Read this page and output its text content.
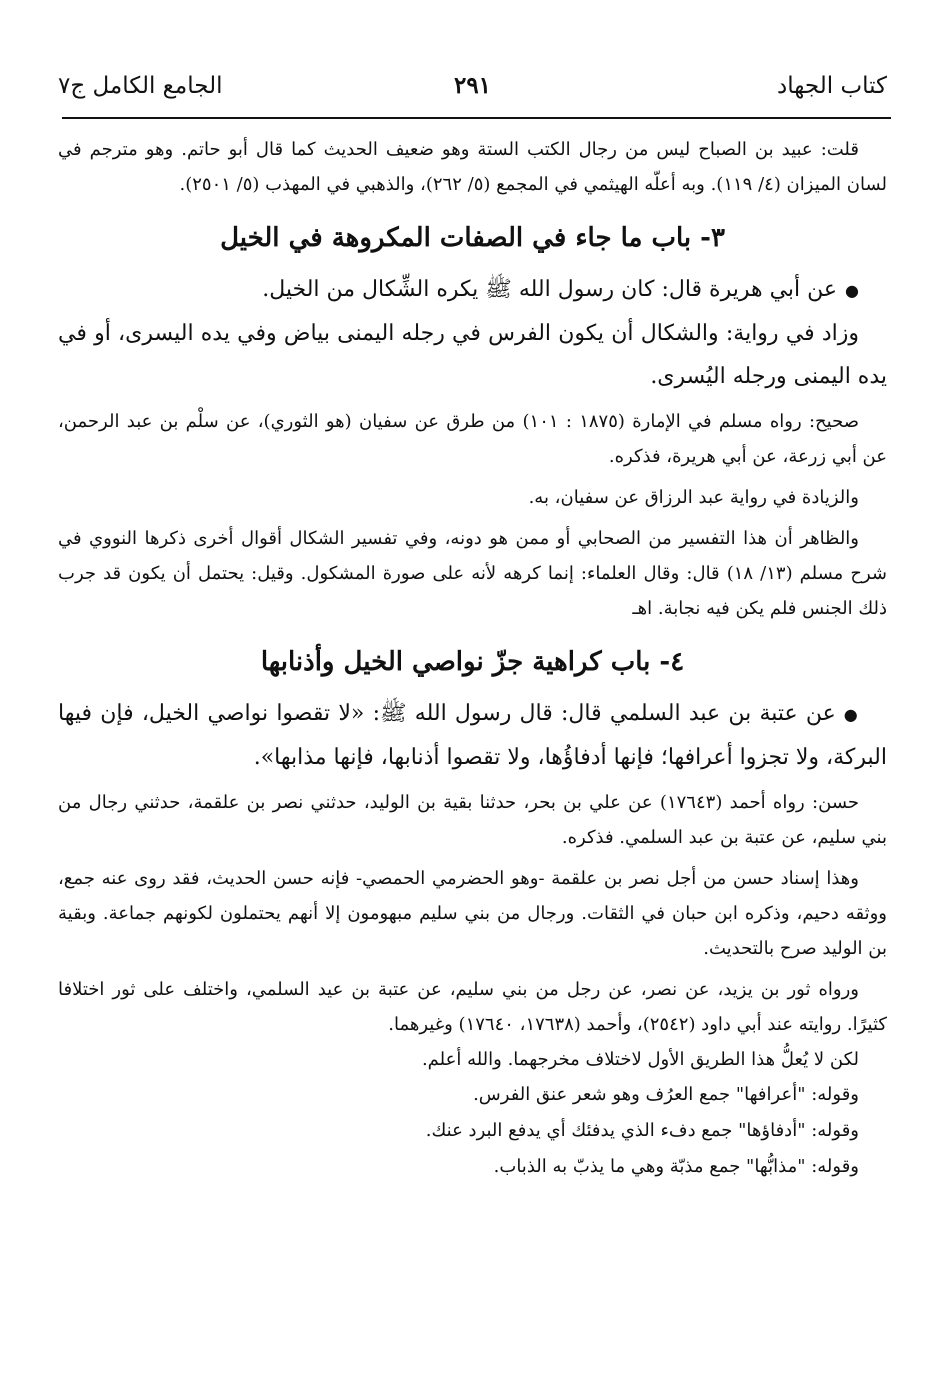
كتاب الجهاد
٢٩١
الجامع الكامل ج٧

قلت: عبيد بن الصباح ليس من رجال الكتب الستة وهو ضعيف الحديث كما قال أبو حاتم. وهو مترجم في لسان الميزان (٤/ ١١٩). وبه أعلّه الهيثمي في المجمع (٥/ ٢٦٢)، والذهبي في المهذب (٥/ ٢٥٠١).

٣- باب ما جاء في الصفات المكروهة في الخيل

● عن أبي هريرة قال: كان رسول الله ﷺ يكره الشِّكال من الخيل.

وزاد في رواية: والشكال أن يكون الفرس في رجله اليمنى بياض وفي يده اليسرى، أو في يده اليمنى ورجله اليُسرى.

صحيح: رواه مسلم في الإمارة (١٨٧٥ : ١٠١) من طرق عن سفيان (هو الثوري)، عن سلْم بن عبد الرحمن، عن أبي زرعة، عن أبي هريرة، فذكره.

والزيادة في رواية عبد الرزاق عن سفيان، به.

والظاهر أن هذا التفسير من الصحابي أو ممن هو دونه، وفي تفسير الشكال أقوال أخرى ذكرها النووي في شرح مسلم (١٣/ ١٨) قال: وقال العلماء: إنما كرهه لأنه على صورة المشكول. وقيل: يحتمل أن يكون قد جرب ذلك الجنس فلم يكن فيه نجابة. اهـ

٤- باب كراهية جزّ نواصي الخيل وأذنابها

● عن عتبة بن عبد السلمي قال: قال رسول الله ﷺ: «لا تقصوا نواصي الخيل، فإن فيها البركة، ولا تجزوا أعرافها؛ فإنها أدفاؤُها، ولا تقصوا أذنابها، فإنها مذابها».

حسن: رواه أحمد (١٧٦٤٣) عن علي بن بحر، حدثنا بقية بن الوليد، حدثني نصر بن علقمة، حدثني رجال من بني سليم، عن عتبة بن عبد السلمي. فذكره.

وهذا إسناد حسن من أجل نصر بن علقمة -وهو الحضرمي الحمصي- فإنه حسن الحديث، فقد روى عنه جمع، ووثقه دحيم، وذكره ابن حبان في الثقات. ورجال من بني سليم مبهومون إلا أنهم يحتملون لكونهم جماعة. وبقية بن الوليد صرح بالتحديث.

ورواه ثور بن يزيد، عن نصر، عن رجل من بني سليم، عن عتبة بن عيد السلمي، واختلف على ثور اختلافا كثيرًا. روايته عند أبي داود (٢٥٤٢)، وأحمد (١٧٦٣٨، ١٧٦٤٠) وغيرهما.

لكن لا يُعلُّ هذا الطريق الأول لاختلاف مخرجهما. والله أعلم.

وقوله: "أعرافها" جمع العرُف وهو شعر عنق الفرس.

وقوله: "أدفاؤها" جمع دفء الذي يدفئك أي يدفع البرد عنك.

وقوله: "مذابُّها" جمع مذبّة وهي ما يذبّ به الذباب.
